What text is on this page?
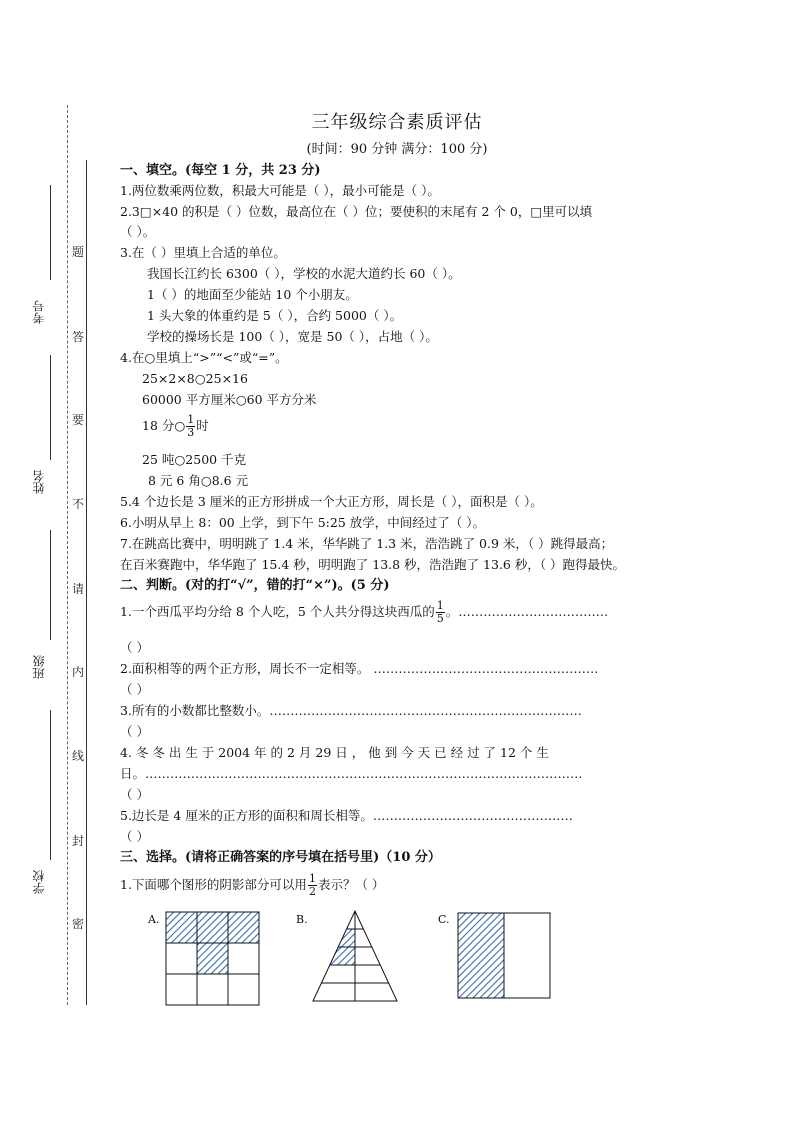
考号
姓名
班级
学校
题
答
要
不
请
内
线
封
密
三年级综合素质评估
(时间：90 分钟 满分：100 分)
一、填空。(每空 1 分，共 23 分)
1.两位数乘两位数，积最大可能是（ ），最小可能是（ ）。
2.3□×40 的积是（ ）位数，最高位在（ ）位；要使积的末尾有 2 个 0，□里可以填
（ ）。
3.在（ ）里填上合适的单位。
我国长江约长 6300（ ），学校的水泥大道约长 60（ ）。
1（ ）的地面至少能站 10 个小朋友。
1 头大象的体重约是 5（ ），合约 5000（ ）。
学校的操场长是 100（ ），宽是 50（ ），占地（ ）。
4.在○里填上“>”“<”或“=”。
25×2×8○25×16
60000 平方厘米○60 平方分米
18 分○ $\frac{1}{3}$ 时
25 吨○2500 千克
8 元 6 角○8.6 元
5.4 个边长是 3 厘米的正方形拼成一个大正方形，周长是（ ），面积是（ ）。
6.小明从早上 8：00 上学，到下午 5:25 放学，中间经过了（ ）。
7.在跳高比赛中，明明跳了 1.4 米，华华跳了 1.3 米，浩浩跳了 0.9 米，（ ）跳得最高；
在百米赛跑中，华华跑了 15.4 秒，明明跑了 13.8 秒，浩浩跑了 13.6 秒，（ ）跑得最快。
二、判断。(对的打“√”，错的打“×”)。(5 分)
1.一个西瓜平均分给 8 个人吃，5 个人共分得这块西瓜的 $\frac{1}{5}$ 。………………………………
（ ）
2.面积相等的两个正方形，周长不一定相等。 ………………………………………………
（ ）
3.所有的小数都比整数小。…………………………………………………………………
（ ）
4. 冬 冬 出 生 于 2004 年 的 2 月 29 日 ， 他 到 今 天 已 经 过 了 12 个 生
日。……………………………………………………………………………………………
（ ）
5.边长是 4 厘米的正方形的面积和周长相等。…………………………………………
（ ）
三、选择。(请将正确答案的序号填在括号里)（10 分）
1.下面哪个图形的阴影部分可以用 $\frac{1}{2}$ 表示？（ ）
A.	B.	C.
